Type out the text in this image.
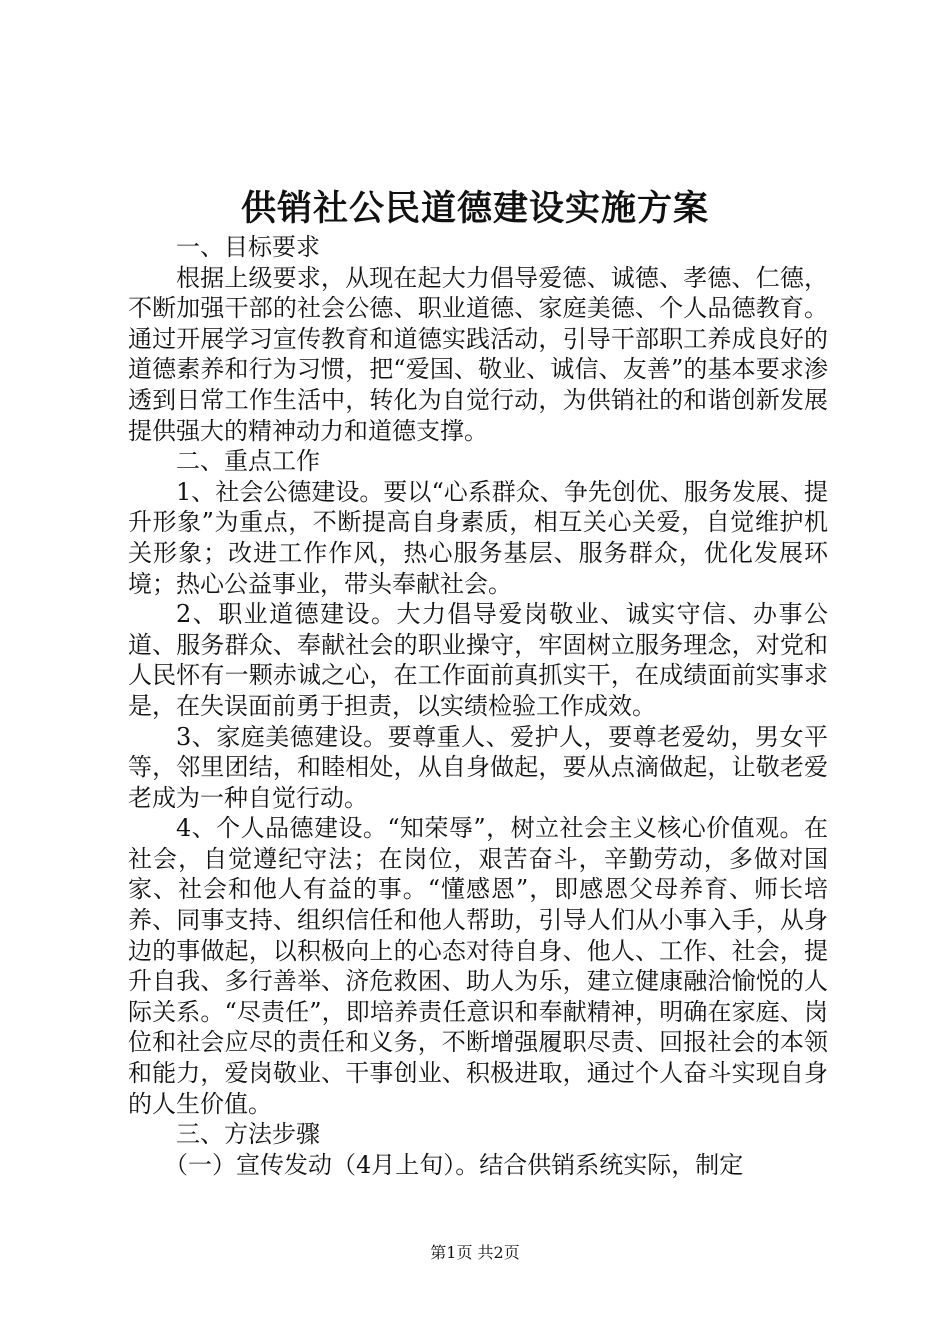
供销社公民道德建设实施方案

一、目标要求

根据上级要求，从现在起大力倡导爱德、诚德、孝德、仁德，不断加强干部的社会公德、职业道德、家庭美德、个人品德教育。通过开展学习宣传教育和道德实践活动，引导干部职工养成良好的道德素养和行为习惯，把“爱国、敬业、诚信、友善”的基本要求渗透到日常工作生活中，转化为自觉行动，为供销社的和谐创新发展提供强大的精神动力和道德支撑。

二、重点工作

1、社会公德建设。要以“心系群众、争先创优、服务发展、提升形象”为重点，不断提高自身素质，相互关心关爱，自觉维护机关形象；改进工作作风，热心服务基层、服务群众，优化发展环境；热心公益事业，带头奉献社会。

2、职业道德建设。大力倡导爱岗敬业、诚实守信、办事公道、服务群众、奉献社会的职业操守，牢固树立服务理念，对党和人民怀有一颗赤诚之心，在工作面前真抓实干，在成绩面前实事求是，在失误面前勇于担责，以实绩检验工作成效。

3、家庭美德建设。要尊重人、爱护人，要尊老爱幼，男女平等，邻里团结，和睦相处，从自身做起，要从点滴做起，让敬老爱老成为一种自觉行动。

4、个人品德建设。“知荣辱”，树立社会主义核心价值观。在社会，自觉遵纪守法；在岗位，艰苦奋斗，辛勤劳动，多做对国家、社会和他人有益的事。“懂感恩”，即感恩父母养育、师长培养、同事支持、组织信任和他人帮助，引导人们从小事入手，从身边的事做起，以积极向上的心态对待自身、他人、工作、社会，提升自我、多行善举、济危救困、助人为乐，建立健康融洽愉悦的人际关系。“尽责任”，即培养责任意识和奉献精神，明确在家庭、岗位和社会应尽的责任和义务，不断增强履职尽责、回报社会的本领和能力，爱岗敬业、干事创业、积极进取，通过个人奋斗实现自身的人生价值。

三、方法步骤

（一）宣传发动（4月上旬）。结合供销系统实际，制定

第1页 共2页
